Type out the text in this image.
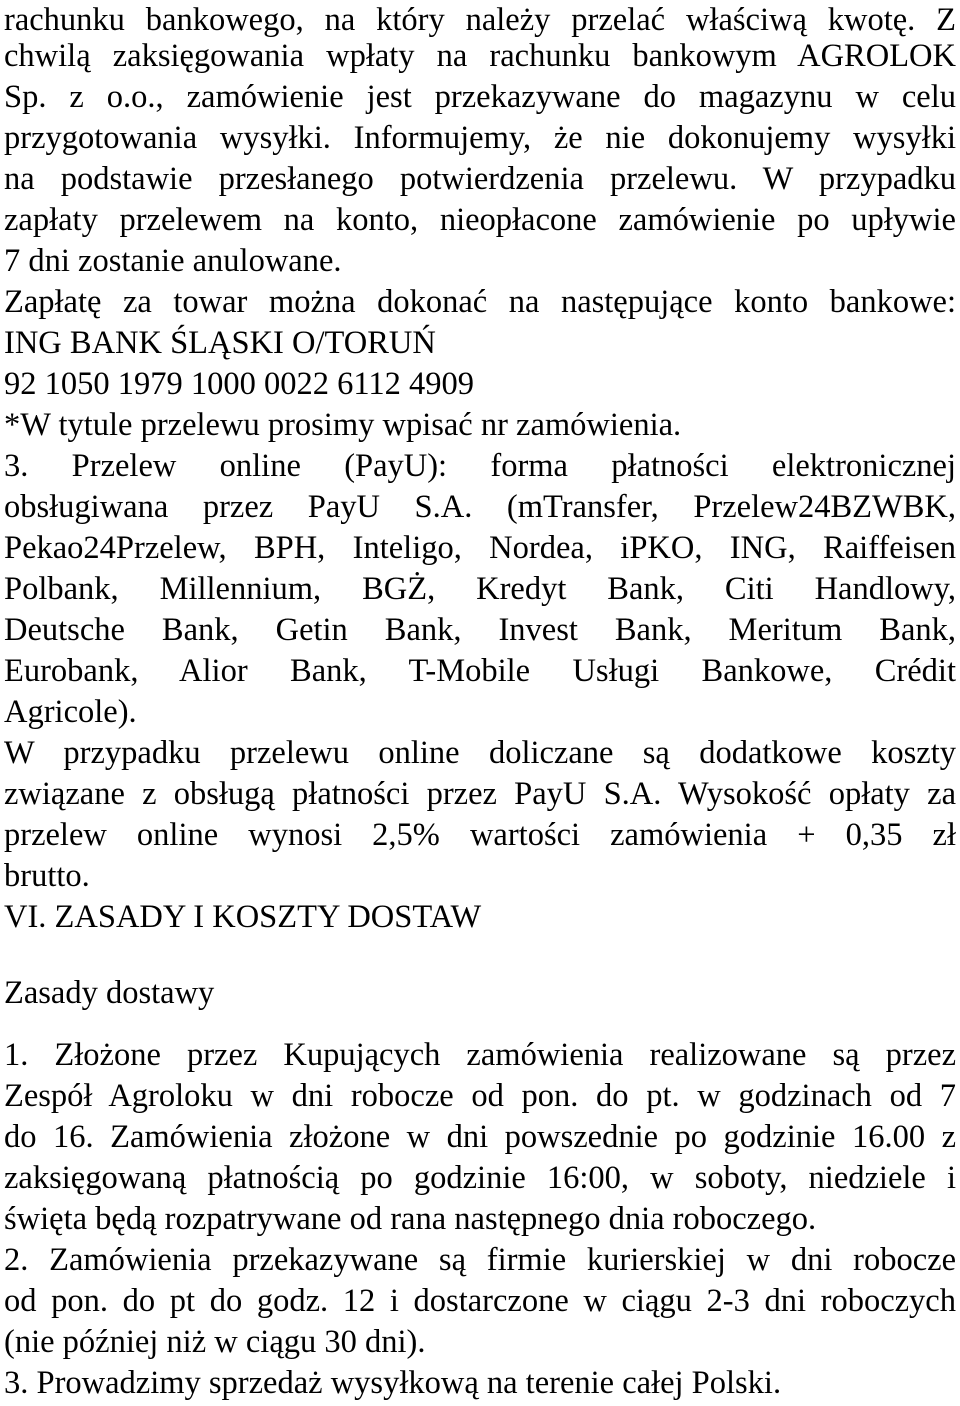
rachunku bankowego, na który należy przelać właściwą kwotę. Z
chwilą zaksięgowania wpłaty na rachunku bankowym AGROLOK
Sp. z o.o., zamówienie jest przekazywane do magazynu w celu
przygotowania wysyłki. Informujemy, że nie dokonujemy wysyłki
na podstawie przesłanego potwierdzenia przelewu. W przypadku
zapłaty przelewem na konto, nieopłacone zamówienie po upływie
7 dni zostanie anulowane.
Zapłatę za towar można dokonać na następujące konto bankowe:
ING BANK ŚLĄSKI O/TORUŃ
92 1050 1979 1000 0022 6112 4909
*W tytule przelewu prosimy wpisać nr zamówienia.
3. Przelew online (PayU): forma płatności elektronicznej
obsługiwana przez PayU S.A. (mTransfer, Przelew24BZWBK,
Pekao24Przelew, BPH, Inteligo, Nordea, iPKO, ING, Raiffeisen
Polbank, Millennium, BGŻ, Kredyt Bank, Citi Handlowy,
Deutsche Bank, Getin Bank, Invest Bank, Meritum Bank,
Eurobank, Alior Bank, T-Mobile Usługi Bankowe, Crédit
Agricole).
W przypadku przelewu online doliczane są dodatkowe koszty
związane z obsługą płatności przez PayU S.A. Wysokość opłaty za
przelew online wynosi 2,5% wartości zamówienia + 0,35 zł
brutto.
VI. ZASADY I KOSZTY DOSTAW
Zasady dostawy
1. Złożone przez Kupujących zamówienia realizowane są przez
Zespół Agroloku w dni robocze od pon. do pt. w godzinach od 7
do 16. Zamówienia złożone w dni powszednie po godzinie 16.00 z
zaksięgowaną płatnością po godzinie 16:00, w soboty, niedziele i
święta będą rozpatrywane od rana następnego dnia roboczego.
2. Zamówienia przekazywane są firmie kurierskiej w dni robocze
od pon. do pt do godz. 12 i dostarczone w ciągu 2-3 dni roboczych
(nie później niż w ciągu 30 dni).
3. Prowadzimy sprzedaż wysyłkową na terenie całej Polski.
